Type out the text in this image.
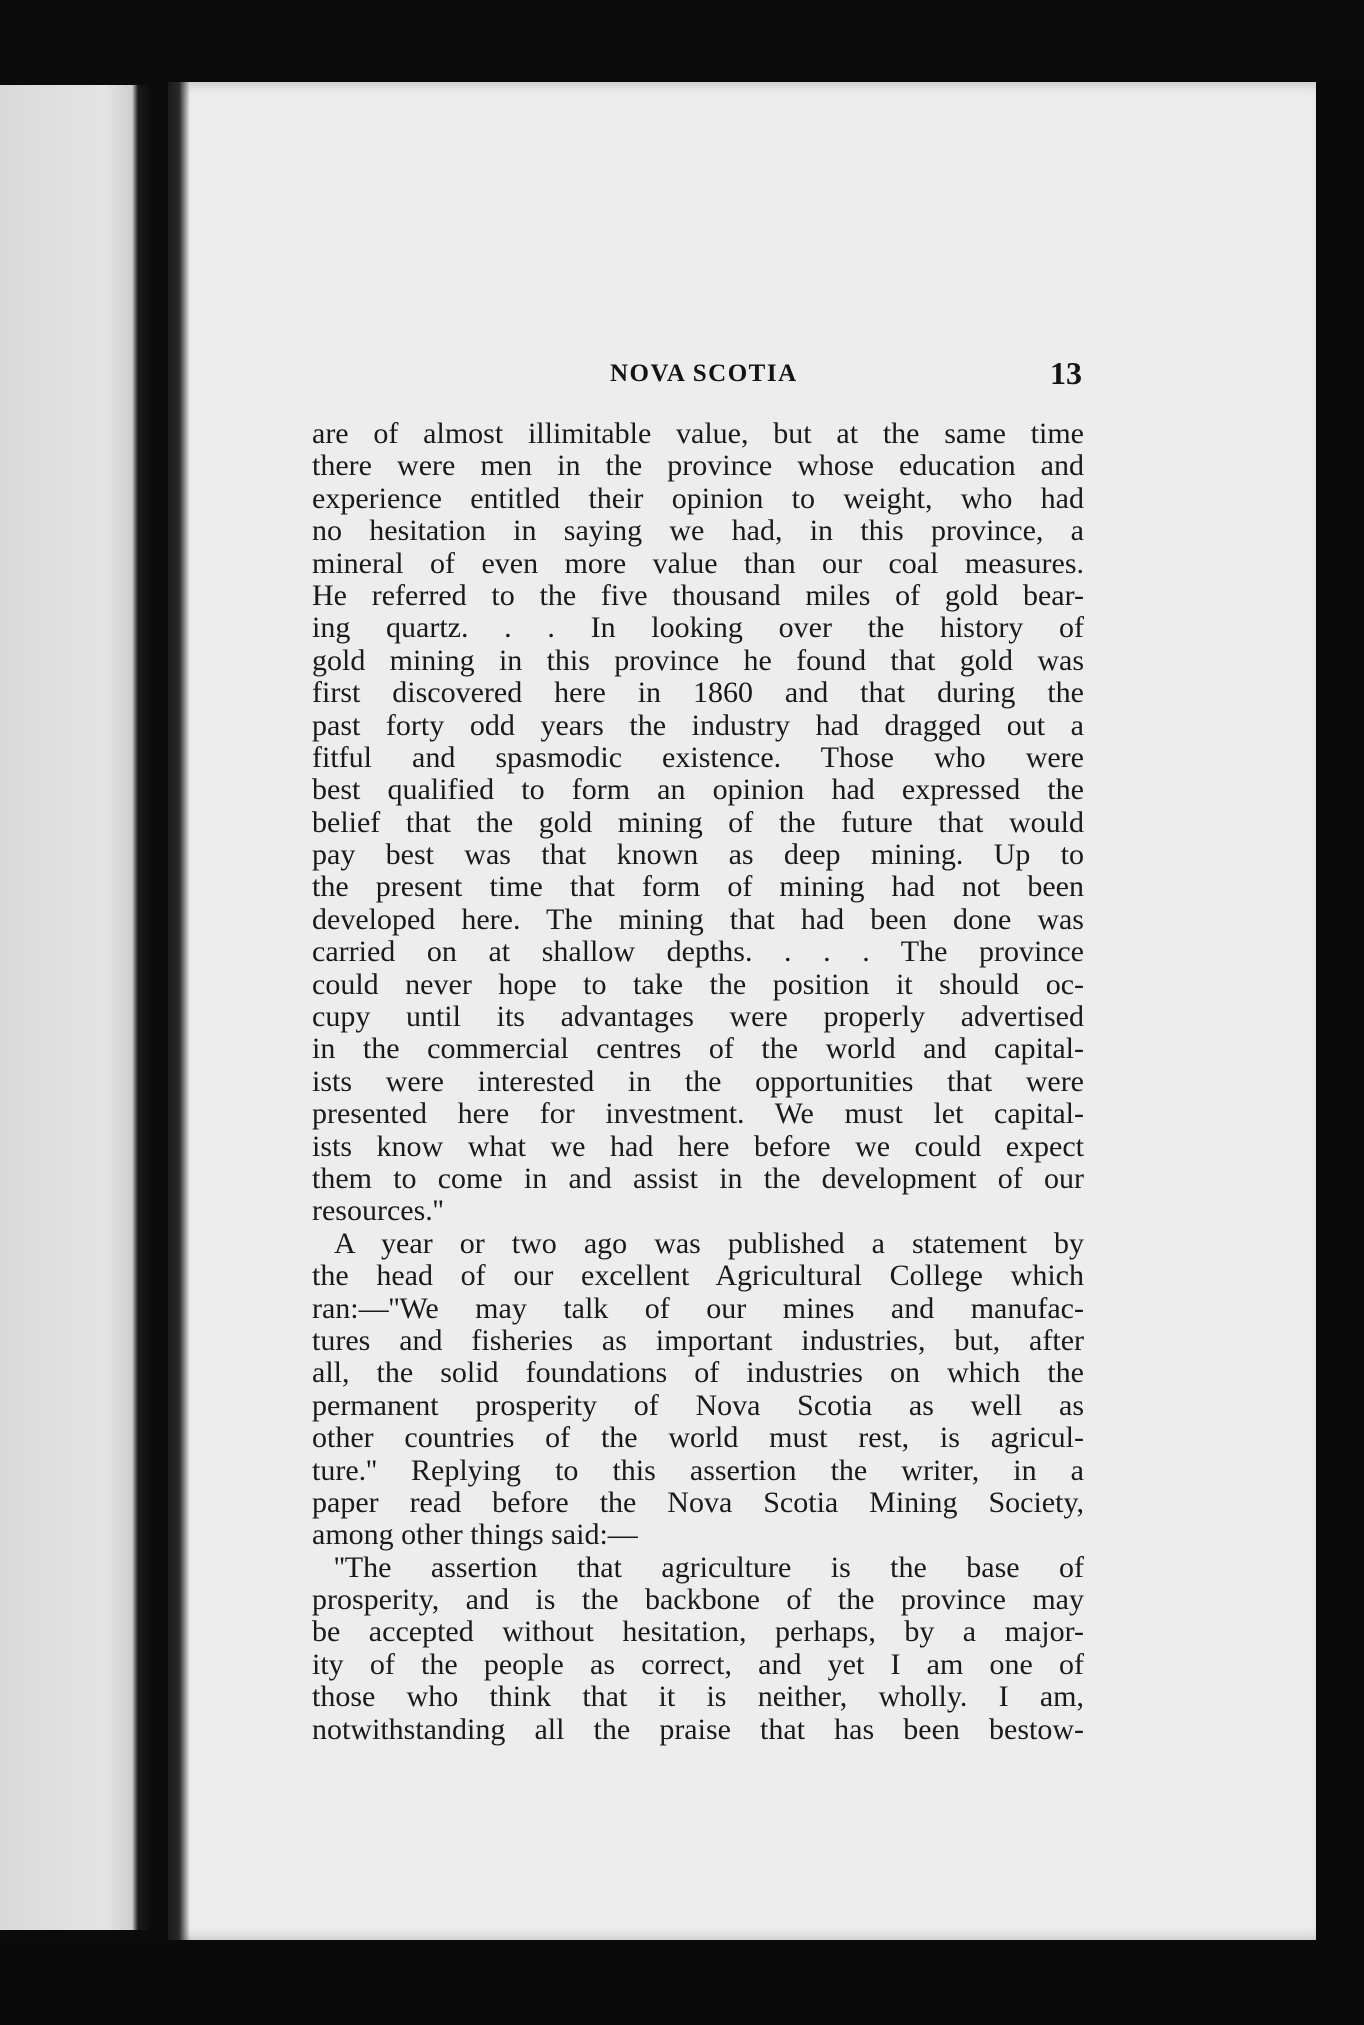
NOVA SCOTIA	13
are of almost illimitable value, but at the same time
there were men in the province whose education and
experience entitled their opinion to weight, who had
no hesitation in saying we had, in this province, a
mineral of even more value than our coal measures.
He referred to the five thousand miles of gold bear-
ing quartz. . . In looking over the history of
gold mining in this province he found that gold was
first discovered here in 1860 and that during the
past forty odd years the industry had dragged out a
fitful and spasmodic existence. Those who were
best qualified to form an opinion had expressed the
belief that the gold mining of the future that would
pay best was that known as deep mining. Up to
the present time that form of mining had not been
developed here. The mining that had been done was
carried on at shallow depths. . . . The province
could never hope to take the position it should oc-
cupy until its advantages were properly advertised
in the commercial centres of the world and capital-
ists were interested in the opportunities that were
presented here for investment. We must let capital-
ists know what we had here before we could expect
them to come in and assist in the development of our
resources.''
A year or two ago was published a statement by
the head of our excellent Agricultural College which
ran:—''We may talk of our mines and manufac-
tures and fisheries as important industries, but, after
all, the solid foundations of industries on which the
permanent prosperity of Nova Scotia as well as
other countries of the world must rest, is agricul-
ture.'' Replying to this assertion the writer, in a
paper read before the Nova Scotia Mining Society,
among other things said:—
''The assertion that agriculture is the base of
prosperity, and is the backbone of the province may
be accepted without hesitation, perhaps, by a major-
ity of the people as correct, and yet I am one of
those who think that it is neither, wholly. I am,
notwithstanding all the praise that has been bestow-
